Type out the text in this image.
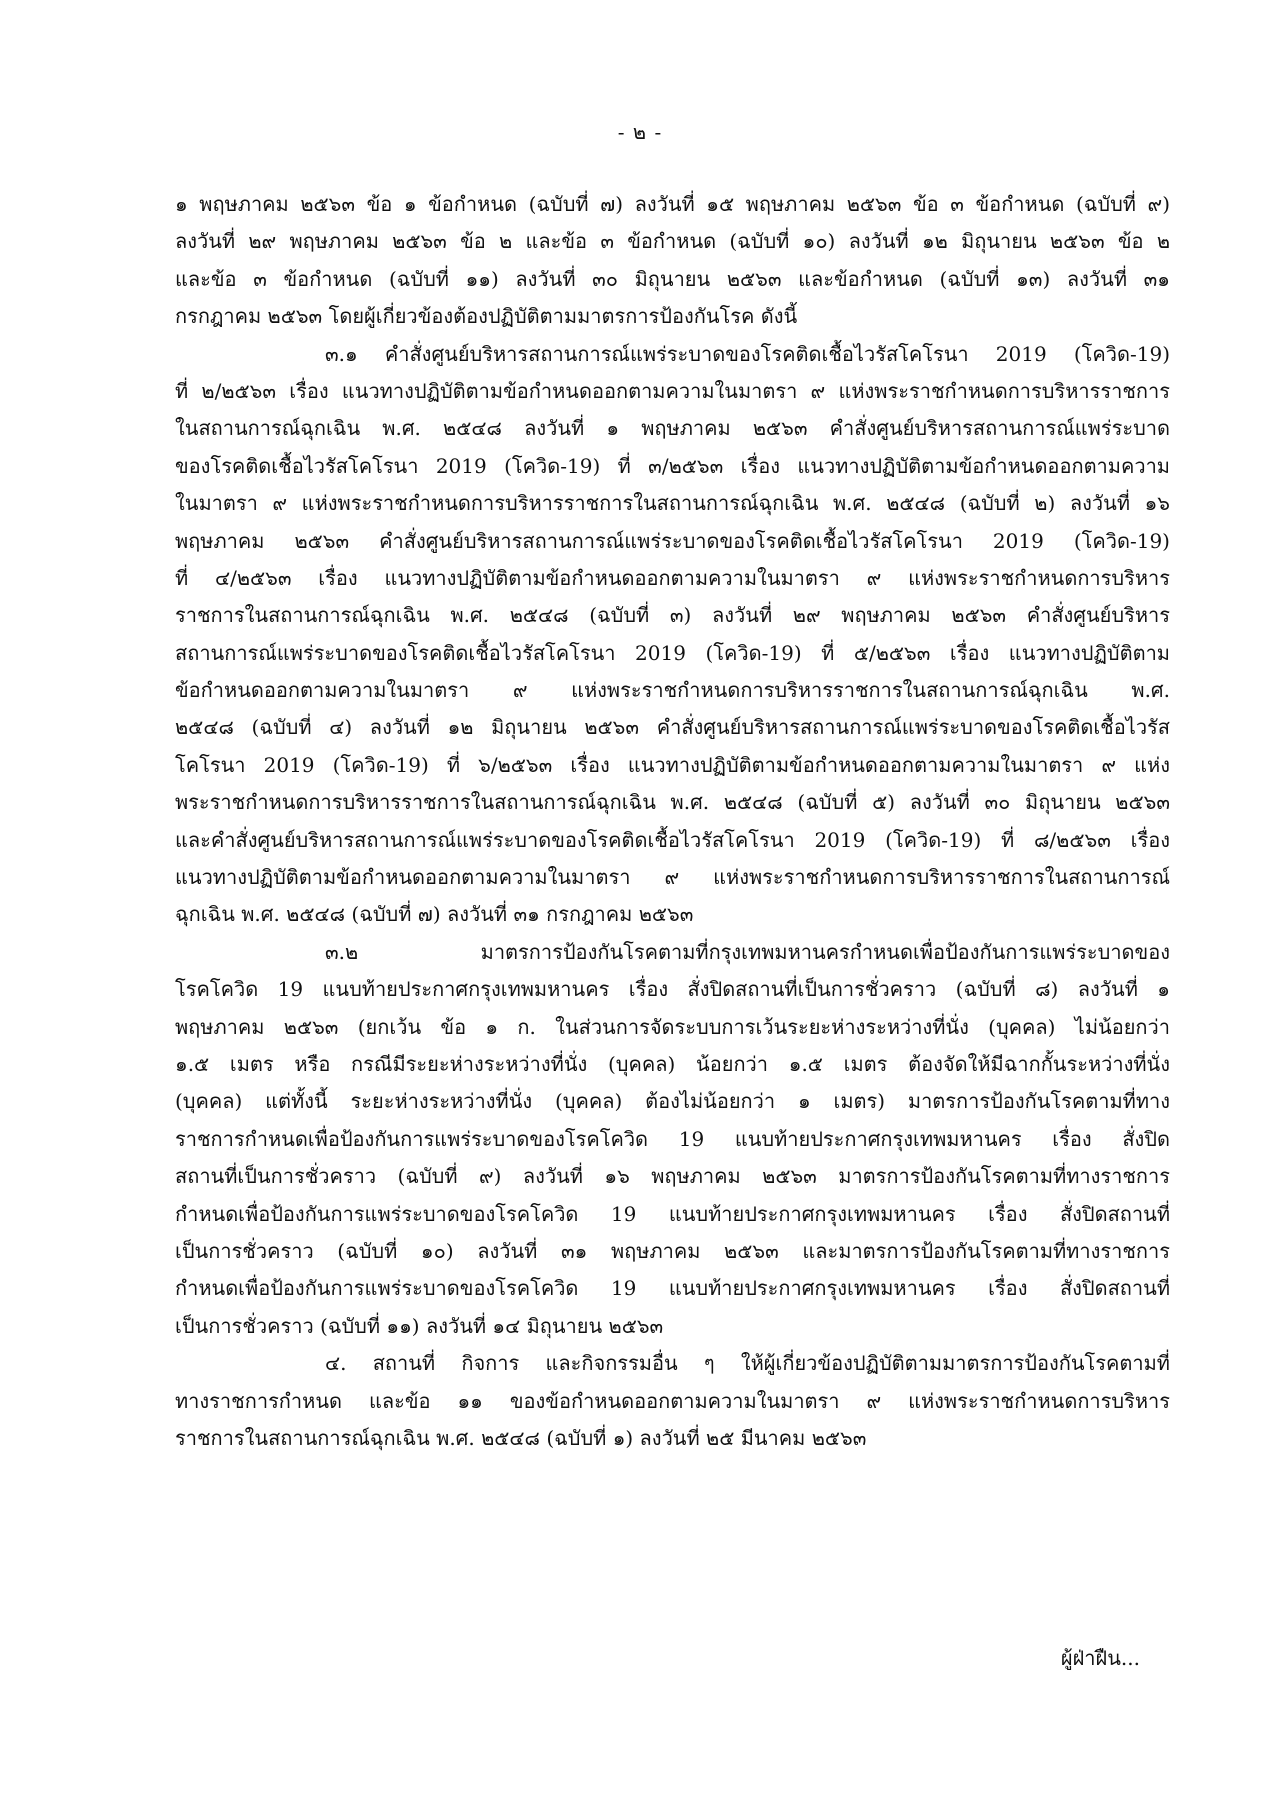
- ๒ -
๑ พฤษภาคม ๒๕๖๓ ข้อ ๑ ข้อกำหนด (ฉบับที่ ๗) ลงวันที่ ๑๕ พฤษภาคม ๒๕๖๓ ข้อ ๓ ข้อกำหนด (ฉบับที่ ๙)
ลงวันที่ ๒๙ พฤษภาคม ๒๕๖๓ ข้อ ๒ และข้อ ๓ ข้อกำหนด (ฉบับที่ ๑๐) ลงวันที่ ๑๒ มิถุนายน ๒๕๖๓ ข้อ ๒
และข้อ ๓ ข้อกำหนด (ฉบับที่ ๑๑) ลงวันที่ ๓๐ มิถุนายน ๒๕๖๓ และข้อกำหนด (ฉบับที่ ๑๓) ลงวันที่ ๓๑
กรกฎาคม ๒๕๖๓ โดยผู้เกี่ยวข้องต้องปฏิบัติตามมาตรการป้องกันโรค ดังนี้
๓.๑ คำสั่งศูนย์บริหารสถานการณ์แพร่ระบาดของโรคติดเชื้อไวรัสโคโรนา 2019 (โควิด-19)
ที่ ๒/๒๕๖๓ เรื่อง แนวทางปฏิบัติตามข้อกำหนดออกตามความในมาตรา ๙ แห่งพระราชกำหนดการบริหารราชการ
ในสถานการณ์ฉุกเฉิน พ.ศ. ๒๕๔๘ ลงวันที่ ๑ พฤษภาคม ๒๕๖๓ คำสั่งศูนย์บริหารสถานการณ์แพร่ระบาด
ของโรคติดเชื้อไวรัสโคโรนา 2019 (โควิด-19) ที่ ๓/๒๕๖๓ เรื่อง แนวทางปฏิบัติตามข้อกำหนดออกตามความ
ในมาตรา ๙ แห่งพระราชกำหนดการบริหารราชการในสถานการณ์ฉุกเฉิน พ.ศ. ๒๕๔๘ (ฉบับที่ ๒) ลงวันที่ ๑๖
พฤษภาคม ๒๕๖๓ คำสั่งศูนย์บริหารสถานการณ์แพร่ระบาดของโรคติดเชื้อไวรัสโคโรนา 2019 (โควิด-19)
ที่ ๔/๒๕๖๓ เรื่อง แนวทางปฏิบัติตามข้อกำหนดออกตามความในมาตรา ๙ แห่งพระราชกำหนดการบริหาร
ราชการในสถานการณ์ฉุกเฉิน พ.ศ. ๒๕๔๘ (ฉบับที่ ๓) ลงวันที่ ๒๙ พฤษภาคม ๒๕๖๓ คำสั่งศูนย์บริหาร
สถานการณ์แพร่ระบาดของโรคติดเชื้อไวรัสโคโรนา 2019 (โควิด-19) ที่ ๕/๒๕๖๓ เรื่อง แนวทางปฏิบัติตาม
ข้อกำหนดออกตามความในมาตรา ๙ แห่งพระราชกำหนดการบริหารราชการในสถานการณ์ฉุกเฉิน พ.ศ.
๒๕๔๘ (ฉบับที่ ๔) ลงวันที่ ๑๒ มิถุนายน ๒๕๖๓ คำสั่งศูนย์บริหารสถานการณ์แพร่ระบาดของโรคติดเชื้อไวรัส
โคโรนา 2019 (โควิด-19) ที่ ๖/๒๕๖๓ เรื่อง แนวทางปฏิบัติตามข้อกำหนดออกตามความในมาตรา ๙ แห่ง
พระราชกำหนดการบริหารราชการในสถานการณ์ฉุกเฉิน พ.ศ. ๒๕๔๘ (ฉบับที่ ๕) ลงวันที่ ๓๐ มิถุนายน ๒๕๖๓
และคำสั่งศูนย์บริหารสถานการณ์แพร่ระบาดของโรคติดเชื้อไวรัสโคโรนา 2019 (โควิด-19) ที่ ๘/๒๕๖๓ เรื่อง
แนวทางปฏิบัติตามข้อกำหนดออกตามความในมาตรา ๙ แห่งพระราชกำหนดการบริหารราชการในสถานการณ์
ฉุกเฉิน พ.ศ. ๒๕๔๘ (ฉบับที่ ๗) ลงวันที่ ๓๑ กรกฎาคม ๒๕๖๓
๓.๒ มาตรการป้องกันโรคตามที่กรุงเทพมหานครกำหนดเพื่อป้องกันการแพร่ระบาดของ
โรคโควิด 19 แนบท้ายประกาศกรุงเทพมหานคร เรื่อง สั่งปิดสถานที่เป็นการชั่วคราว (ฉบับที่ ๘) ลงวันที่ ๑
พฤษภาคม ๒๕๖๓ (ยกเว้น ข้อ ๑ ก. ในส่วนการจัดระบบการเว้นระยะห่างระหว่างที่นั่ง (บุคคล) ไม่น้อยกว่า
๑.๕ เมตร หรือ กรณีมีระยะห่างระหว่างที่นั่ง (บุคคล) น้อยกว่า ๑.๕ เมตร ต้องจัดให้มีฉากกั้นระหว่างที่นั่ง
(บุคคล) แต่ทั้งนี้ ระยะห่างระหว่างที่นั่ง (บุคคล) ต้องไม่น้อยกว่า ๑ เมตร) มาตรการป้องกันโรคตามที่ทาง
ราชการกำหนดเพื่อป้องกันการแพร่ระบาดของโรคโควิด 19 แนบท้ายประกาศกรุงเทพมหานคร เรื่อง สั่งปิด
สถานที่เป็นการชั่วคราว (ฉบับที่ ๙) ลงวันที่ ๑๖ พฤษภาคม ๒๕๖๓ มาตรการป้องกันโรคตามที่ทางราชการ
กำหนดเพื่อป้องกันการแพร่ระบาดของโรคโควิด 19 แนบท้ายประกาศกรุงเทพมหานคร เรื่อง สั่งปิดสถานที่
เป็นการชั่วคราว (ฉบับที่ ๑๐) ลงวันที่ ๓๑ พฤษภาคม ๒๕๖๓ และมาตรการป้องกันโรคตามที่ทางราชการ
กำหนดเพื่อป้องกันการแพร่ระบาดของโรคโควิด 19 แนบท้ายประกาศกรุงเทพมหานคร เรื่อง สั่งปิดสถานที่
เป็นการชั่วคราว (ฉบับที่ ๑๑) ลงวันที่ ๑๔ มิถุนายน ๒๕๖๓
๔. สถานที่ กิจการ และกิจกรรมอื่น ๆ ให้ผู้เกี่ยวข้องปฏิบัติตามมาตรการป้องกันโรคตามที่
ทางราชการกำหนด และข้อ ๑๑ ของข้อกำหนดออกตามความในมาตรา ๙ แห่งพระราชกำหนดการบริหาร
ราชการในสถานการณ์ฉุกเฉิน พ.ศ. ๒๕๔๘ (ฉบับที่ ๑) ลงวันที่ ๒๕ มีนาคม ๒๕๖๓
ผู้ฝ่าฝืน...
